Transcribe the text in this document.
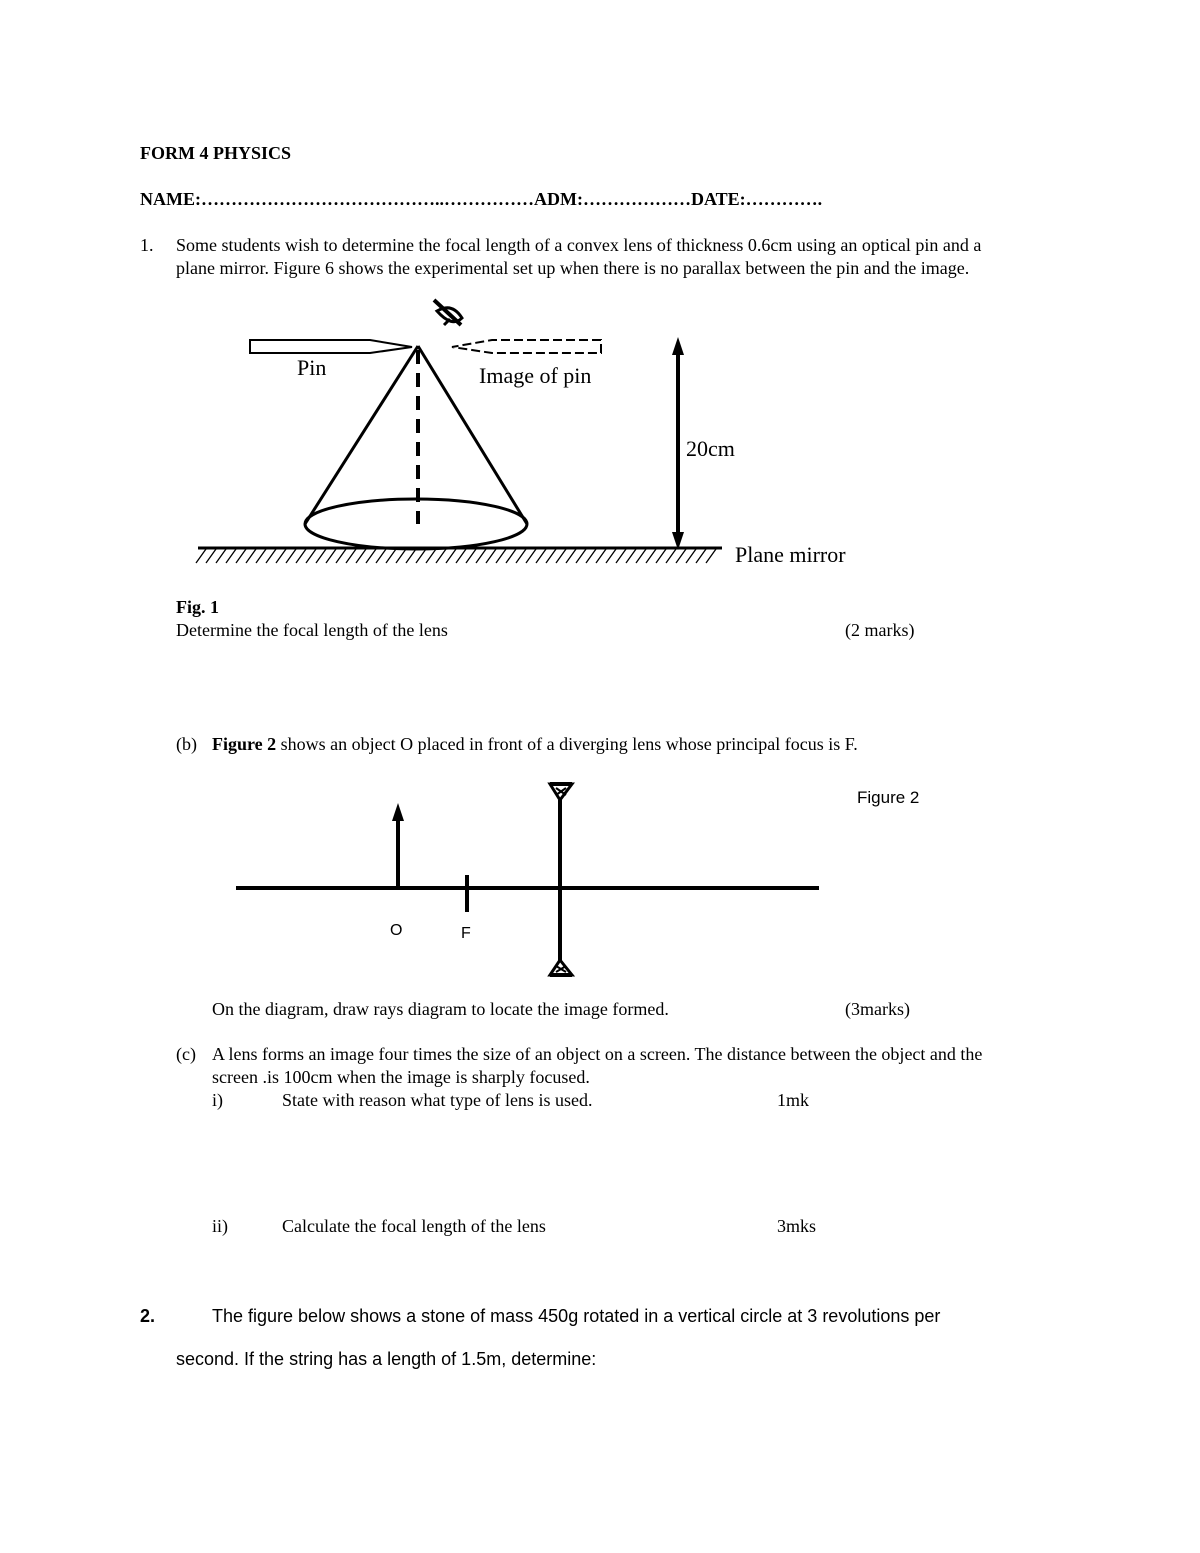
FORM 4 PHYSICS
NAME:…………………………………..……………ADM:………………DATE:………….
1. Some students wish to determine the focal length of a convex lens of thickness 0.6cm using an optical pin and a
plane mirror. Figure 6 shows the experimental set up when there is no parallax between the pin and the image.
Pin	Image of pin
20cm
Plane mirror
Fig. 1
Determine the focal length of the lens	(2 marks)
(b) Figure 2 shows an object O placed in front of a diverging lens whose principal focus is F.
O	F
Figure 2
On the diagram, draw rays diagram to locate the image formed.	(3marks)
(c) A lens forms an image four times the size of an object on a screen. The distance between the object and the
screen .is 100cm when the image is sharply focused.
i)	State with reason what type of lens is used.	1mk
ii)	Calculate the focal length of the lens	3mks
2.	The figure below shows a stone of mass 450g rotated in a vertical circle at 3 revolutions per
second. If the string has a length of 1.5m, determine:
